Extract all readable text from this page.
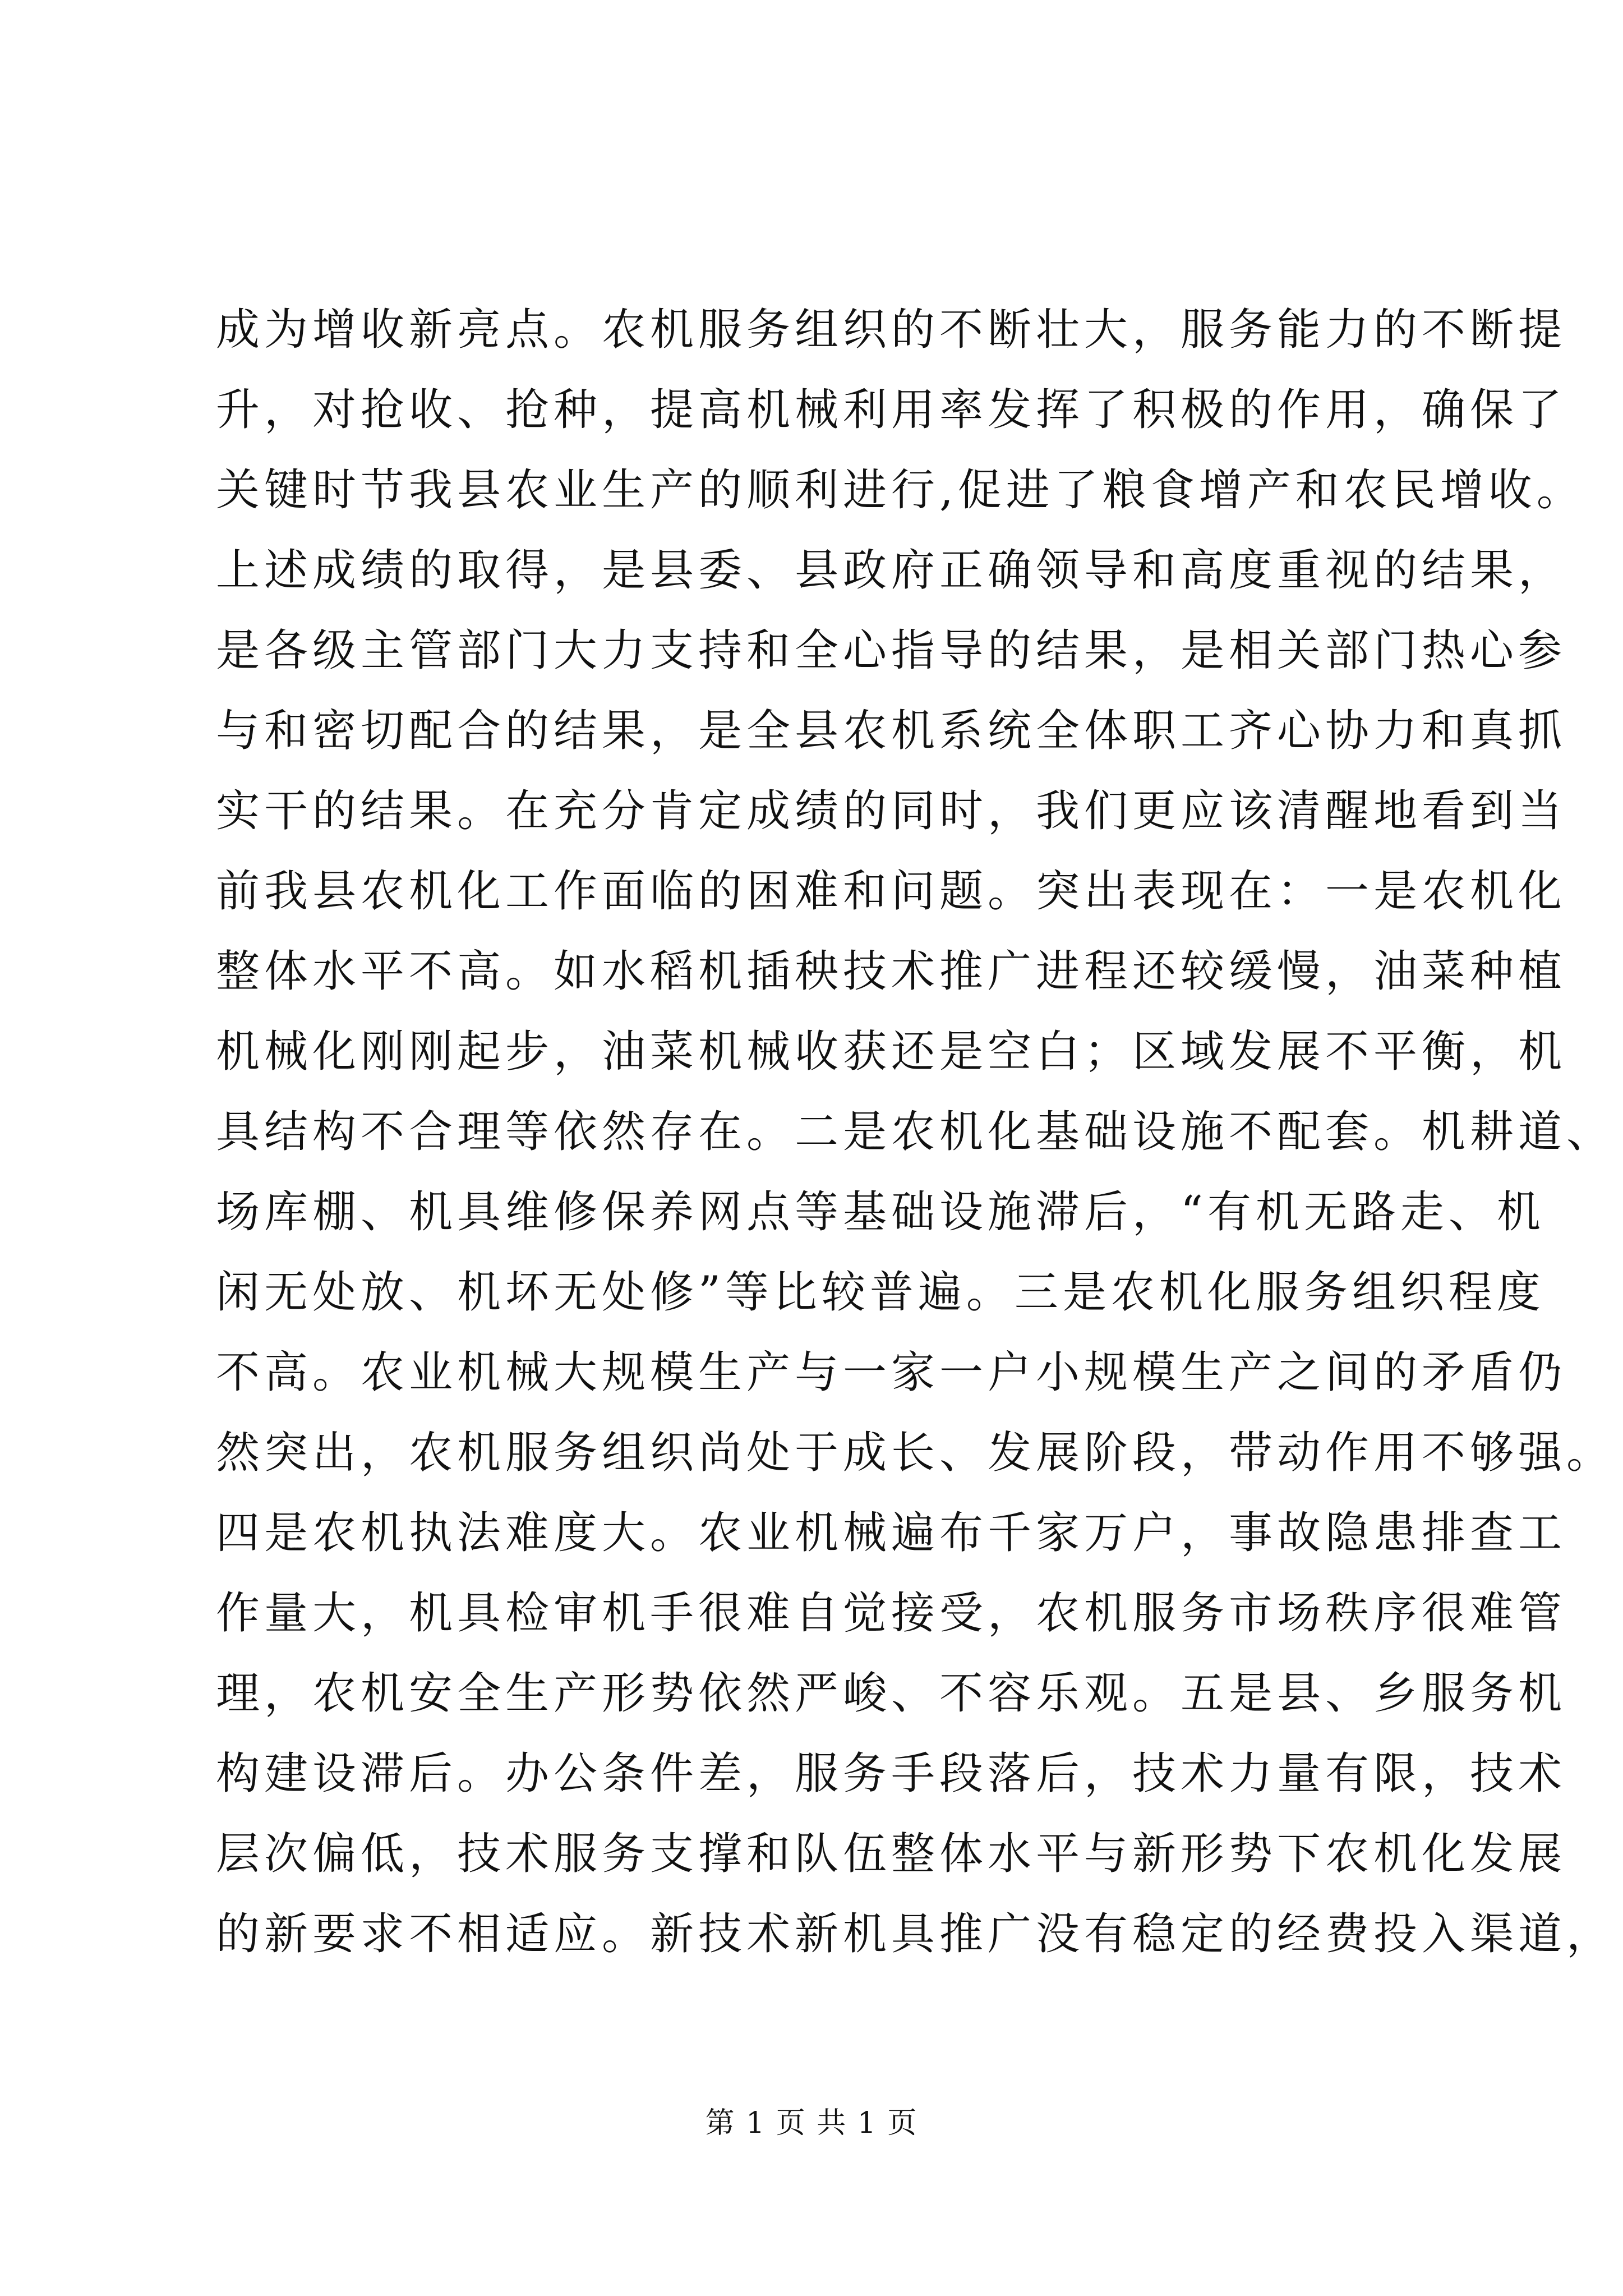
成为增收新亮点。农机服务组织的不断壮大，服务能力的不断提
升，对抢收、抢种，提高机械利用率发挥了积极的作用，确保了
关键时节我县农业生产的顺利进行,促进了粮食增产和农民增收。
上述成绩的取得，是县委、县政府正确领导和高度重视的结果，
是各级主管部门大力支持和全心指导的结果，是相关部门热心参
与和密切配合的结果，是全县农机系统全体职工齐心协力和真抓
实干的结果。在充分肯定成绩的同时，我们更应该清醒地看到当
前我县农机化工作面临的困难和问题。突出表现在：一是农机化
整体水平不高。如水稻机插秧技术推广进程还较缓慢，油菜种植
机械化刚刚起步，油菜机械收获还是空白；区域发展不平衡，机
具结构不合理等依然存在。二是农机化基础设施不配套。机耕道、
场库棚、机具维修保养网点等基础设施滞后，“有机无路走、机
闲无处放、机坏无处修”等比较普遍。三是农机化服务组织程度
不高。农业机械大规模生产与一家一户小规模生产之间的矛盾仍
然突出，农机服务组织尚处于成长、发展阶段，带动作用不够强。
四是农机执法难度大。农业机械遍布千家万户，事故隐患排查工
作量大，机具检审机手很难自觉接受，农机服务市场秩序很难管
理，农机安全生产形势依然严峻、不容乐观。五是县、乡服务机
构建设滞后。办公条件差，服务手段落后，技术力量有限，技术
层次偏低，技术服务支撑和队伍整体水平与新形势下农机化发展
的新要求不相适应。新技术新机具推广没有稳定的经费投入渠道，
第 1 页 共 1 页
